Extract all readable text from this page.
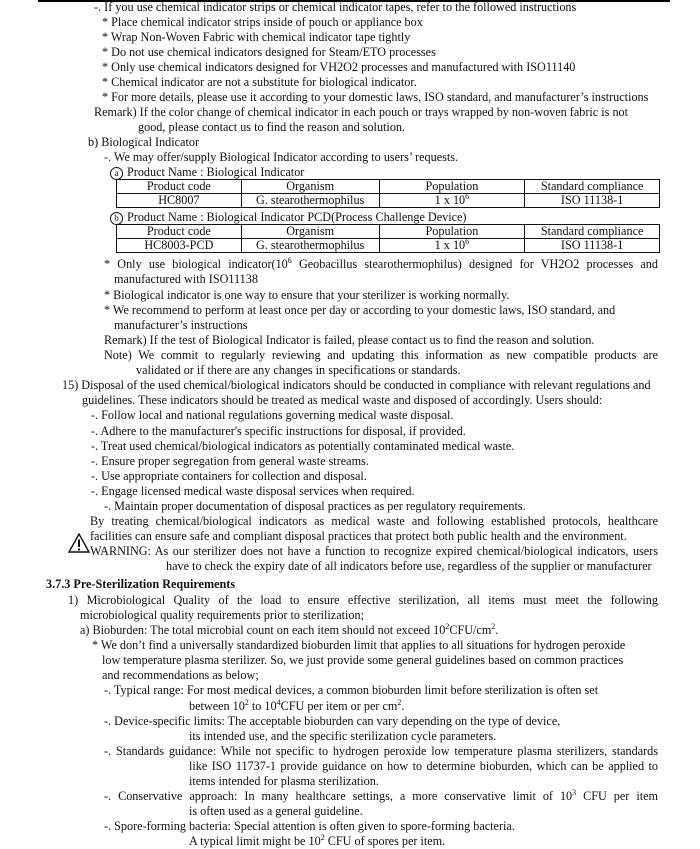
-. If you use chemical indicator strips or chemical indicator tapes, refer to the followed instructions
* Place chemical indicator strips inside of pouch or appliance box
* Wrap Non-Woven Fabric with chemical indicator tape tightly
* Do not use chemical indicators designed for Steam/ETO processes
* Only use chemical indicators designed for VH2O2 processes and manufactured with ISO11140
* Chemical indicator are not a substitute for biological indicator.
* For more details, please use it according to your domestic laws, ISO standard, and manufacturer’s instructions
Remark) If the color change of chemical indicator in each pouch or trays wrapped by non-woven fabric is not
good, please contact us to find the reason and solution.
b) Biological Indicator
-. We may offer/supply Biological Indicator according to users’ requests.
a Product Name : Biological Indicator
Product code	Organism	Population	Standard compliance
HC8007	G. stearothermophilus	1 x $10^6$	ISO 11138-1
b Product Name : Biological Indicator PCD(Process Challenge Device)
Product code	Organism	Population	Standard compliance
HC8003-PCD	G. stearothermophilus	1 x $10^6$	ISO 11138-1
* Only use biological $indicator(10^6$ Geobacillus stearothermophilus) designed for VH2O2 processes and
manufactured with ISO11138
* Biological indicator is one way to ensure that your sterilizer is working normally.
* We recommend to perform at least once per day or according to your domestic laws, ISO standard, and
manufacturer’s instructions
Remark) If the test of Biological Indicator is failed, please contact us to find the reason and solution.
Note) We commit to regularly reviewing and updating this information as new compatible products are
validated or if there are any changes in specifications or standards.
15) Disposal of the used chemical/biological indicators should be conducted in compliance with relevant regulations and
guidelines. These indicators should be treated as medical waste and disposed of accordingly. Users should:
-. Follow local and national regulations governing medical waste disposal.
-. Adhere to the manufacturer's specific instructions for disposal, if provided.
-. Treat used chemical/biological indicators as potentially contaminated medical waste.
-. Ensure proper segregation from general waste streams.
-. Use appropriate containers for collection and disposal.
-. Engage licensed medical waste disposal services when required.
-. Maintain proper documentation of disposal practices as per regulatory requirements.
By treating chemical/biological indicators as medical waste and following established protocols, healthcare
facilities can ensure safe and compliant disposal practices that protect both public health and the environment.
WARNING: As our sterilizer does not have a function to recognize expired chemical/biological indicators, users
have to check the expiry date of all indicators before use, regardless of the supplier or manufacturer
3.7.3 Pre-Sterilization Requirements
1) Microbiological Quality of the load to ensure effective sterilization, all items must meet the following
microbiological quality requirements prior to sterilization;
a) Bioburden: The total microbial count on each item should not exceed $10^2CFU/cm^2$.
* We don’t find a universally standardized bioburden limit that applies to all situations for hydrogen peroxide
low temperature plasma sterilizer. So, we just provide some general guidelines based on common practices
and recommendations as below;
-. Typical range: For most medical devices, a common bioburden limit before sterilization is often set
between $10^2$ to $10^4CFU$ per item or per $cm^2$.
-. Device-specific limits: The acceptable bioburden can vary depending on the type of device,
its intended use, and the specific sterilization cycle parameters.
-. Standards guidance: While not specific to hydrogen peroxide low temperature plasma sterilizers, standards
like ISO 11737-1 provide guidance on how to determine bioburden, which can be applied to
items intended for plasma sterilization.
-. Conservative approach: In many healthcare settings, a more conservative limit of $10^3$ CFU per item
is often used as a general guideline.
-. Spore-forming bacteria: Special attention is often given to spore-forming bacteria.
A typical limit might be $10^2$ CFU of spores per item.
